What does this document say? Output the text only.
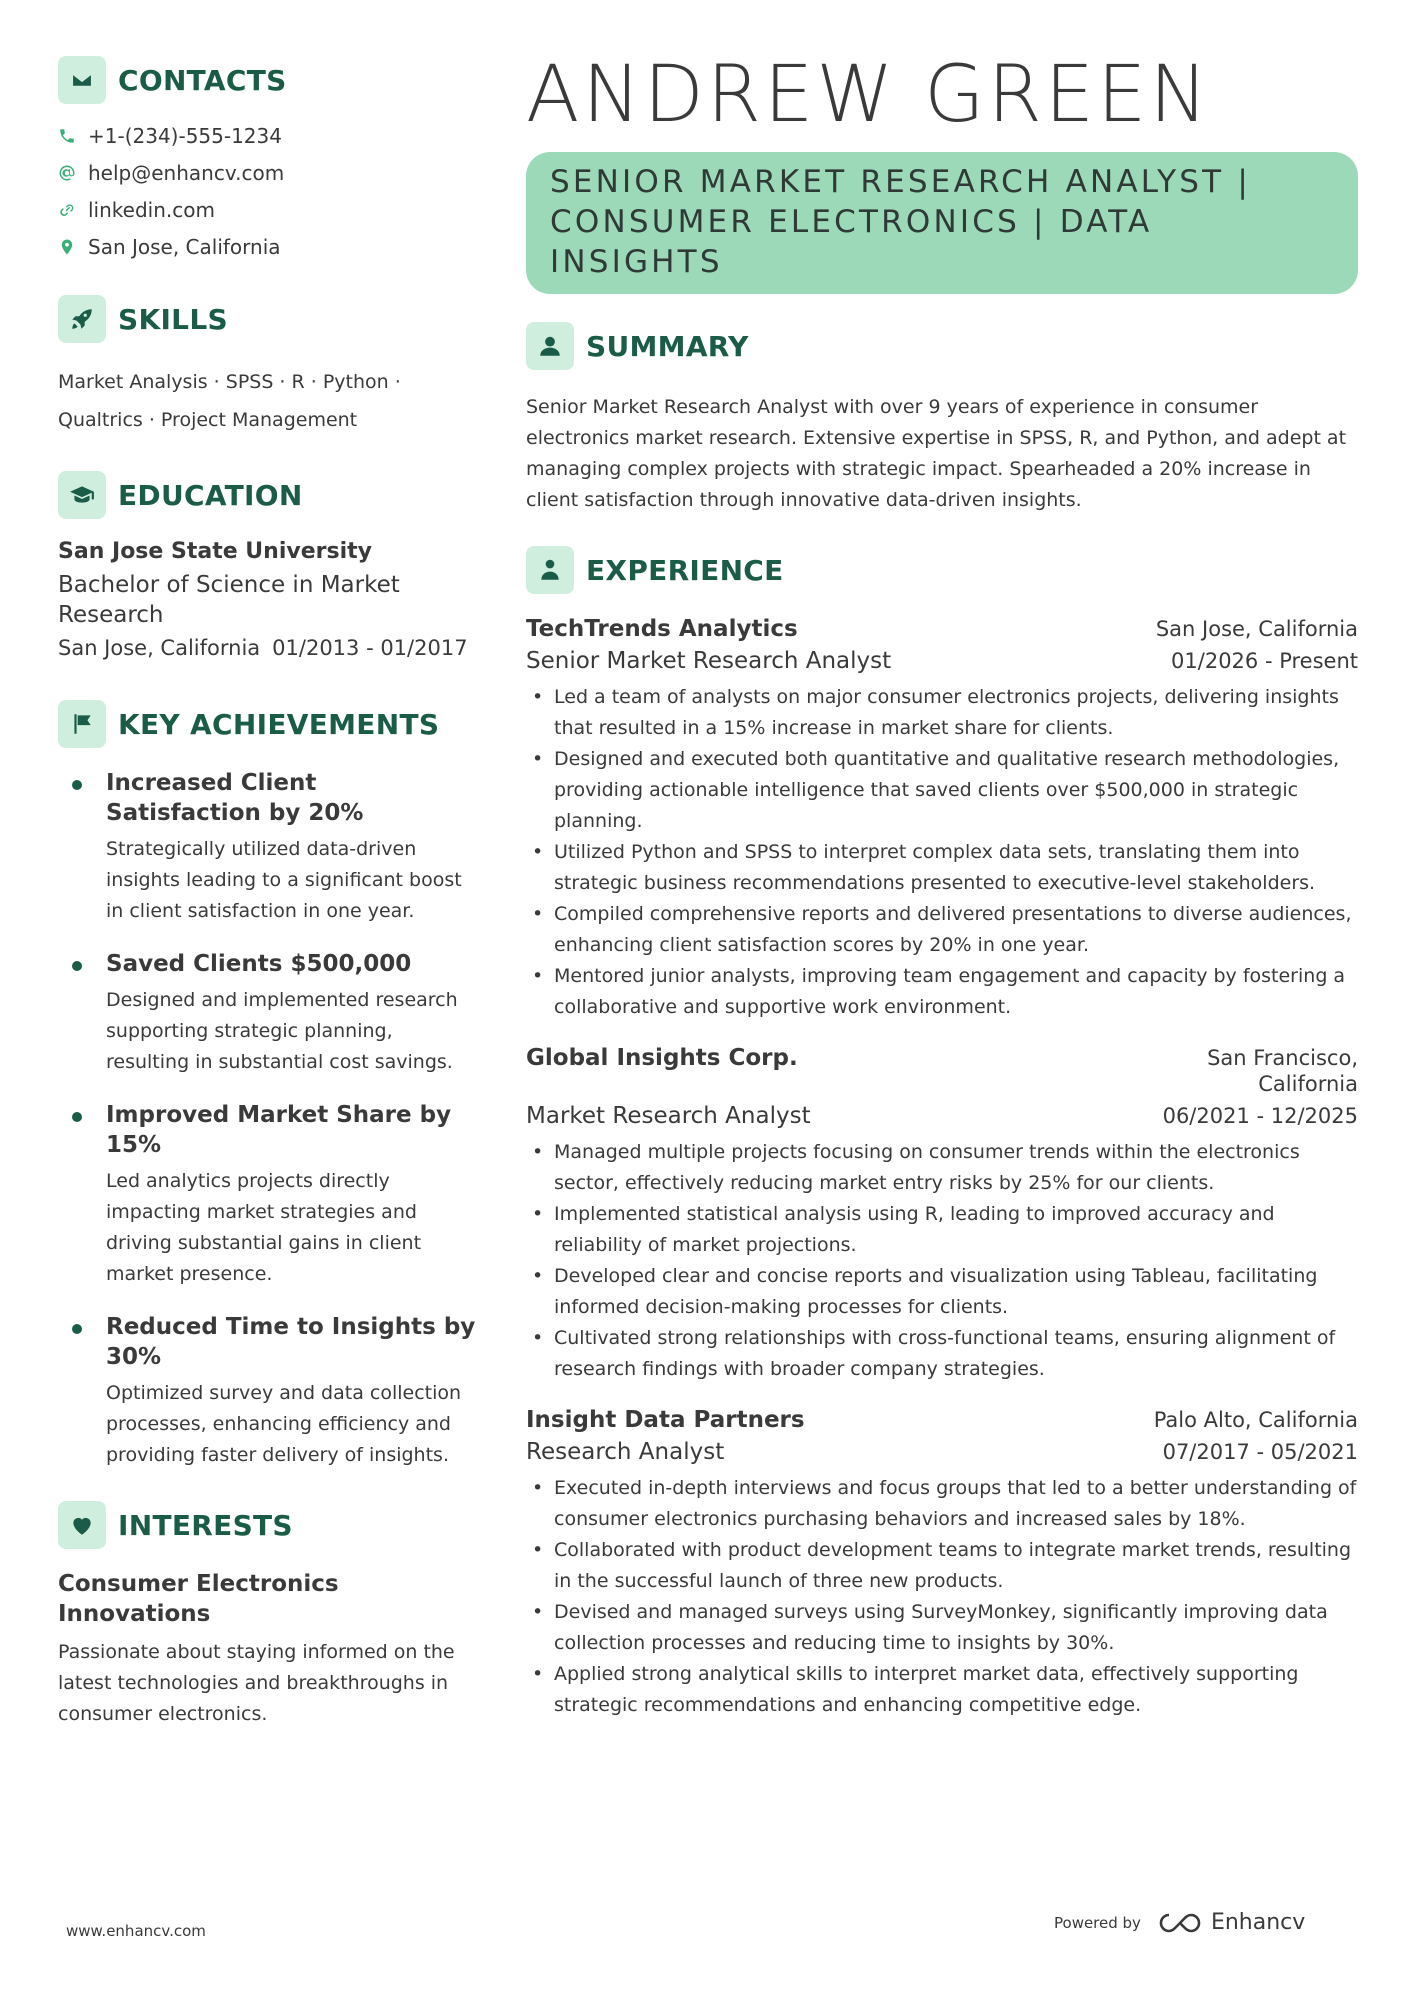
CONTACTS
+1-(234)-555-1234
help@enhancv.com
linkedin.com
San Jose, California
SKILLS
Market Analysis · SPSS · R · Python ·
Qualtrics · Project Management
EDUCATION
San Jose State University
Bachelor of Science in Market Research
San Jose, California 01/2013 - 01/2017
KEY ACHIEVEMENTS
Increased Client Satisfaction by 20%
Strategically utilized data-driven insights leading to a significant boost in client satisfaction in one year.
Saved Clients $500,000
Designed and implemented research supporting strategic planning, resulting in substantial cost savings.
Improved Market Share by 15%
Led analytics projects directly impacting market strategies and driving substantial gains in client market presence.
Reduced Time to Insights by 30%
Optimized survey and data collection processes, enhancing efficiency and providing faster delivery of insights.
INTERESTS
Consumer Electronics Innovations
Passionate about staying informed on the latest technologies and breakthroughs in consumer electronics.
ANDREW GREEN
SENIOR MARKET RESEARCH ANALYST | CONSUMER ELECTRONICS | DATA INSIGHTS
SUMMARY
Senior Market Research Analyst with over 9 years of experience in consumer electronics market research. Extensive expertise in SPSS, R, and Python, and adept at managing complex projects with strategic impact. Spearheaded a 20% increase in client satisfaction through innovative data-driven insights.
EXPERIENCE
TechTrends Analytics	San Jose, California
Senior Market Research Analyst	01/2026 - Present
• Led a team of analysts on major consumer electronics projects, delivering insights that resulted in a 15% increase in market share for clients.
• Designed and executed both quantitative and qualitative research methodologies, providing actionable intelligence that saved clients over $500,000 in strategic planning.
• Utilized Python and SPSS to interpret complex data sets, translating them into strategic business recommendations presented to executive-level stakeholders.
• Compiled comprehensive reports and delivered presentations to diverse audiences, enhancing client satisfaction scores by 20% in one year.
• Mentored junior analysts, improving team engagement and capacity by fostering a collaborative and supportive work environment.
Global Insights Corp.	San Francisco, California
Market Research Analyst	06/2021 - 12/2025
• Managed multiple projects focusing on consumer trends within the electronics sector, effectively reducing market entry risks by 25% for our clients.
• Implemented statistical analysis using R, leading to improved accuracy and reliability of market projections.
• Developed clear and concise reports and visualization using Tableau, facilitating informed decision-making processes for clients.
• Cultivated strong relationships with cross-functional teams, ensuring alignment of research findings with broader company strategies.
Insight Data Partners	Palo Alto, California
Research Analyst	07/2017 - 05/2021
• Executed in-depth interviews and focus groups that led to a better understanding of consumer electronics purchasing behaviors and increased sales by 18%.
• Collaborated with product development teams to integrate market trends, resulting in the successful launch of three new products.
• Devised and managed surveys using SurveyMonkey, significantly improving data collection processes and reducing time to insights by 30%.
• Applied strong analytical skills to interpret market data, effectively supporting strategic recommendations and enhancing competitive edge.
www.enhancv.com	Powered by	Enhancv
